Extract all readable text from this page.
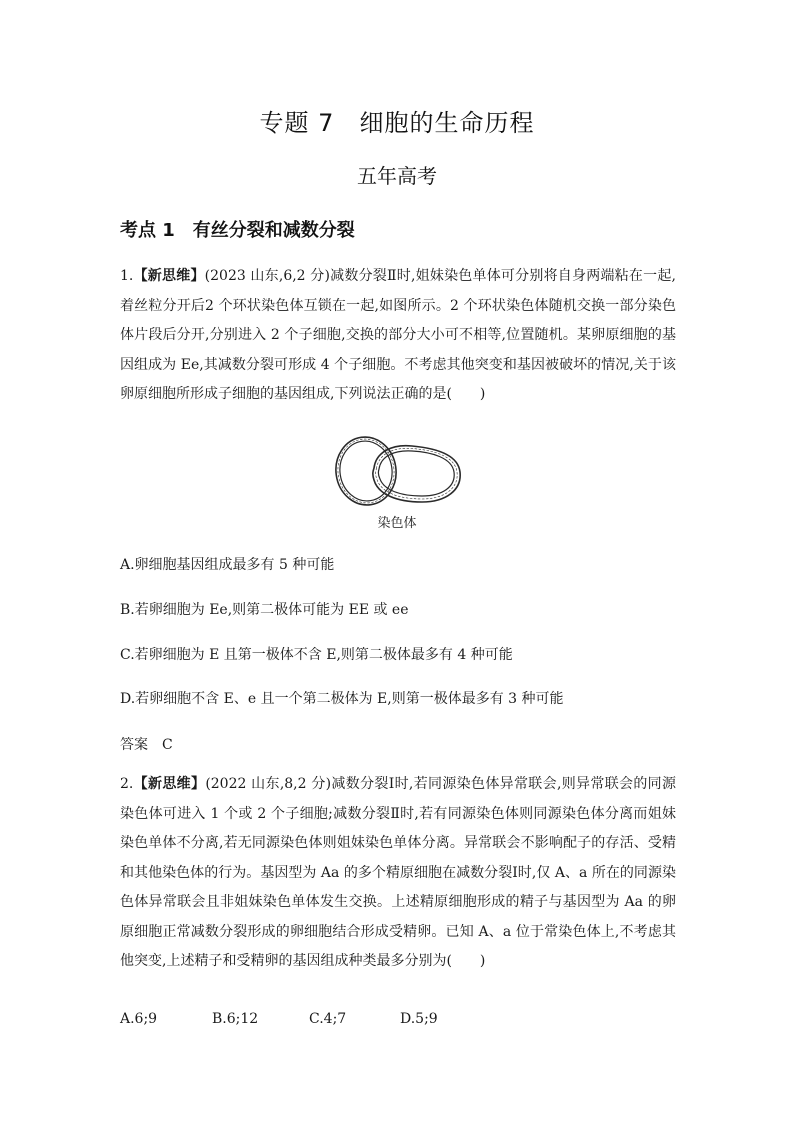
专题 7　细胞的生命历程
五年高考
考点 1　有丝分裂和减数分裂
1.【新思维】(2023 山东,6,2 分)减数分裂Ⅱ时,姐妹染色单体可分别将自身两端粘在一起,着丝粒分开后2 个环状染色体互锁在一起,如图所示。2 个环状染色体随机交换一部分染色体片段后分开,分别进入 2 个子细胞,交换的部分大小可不相等,位置随机。某卵原细胞的基因组成为 Ee,其减数分裂可形成 4 个子细胞。不考虑其他突变和基因被破坏的情况,关于该卵原细胞所形成子细胞的基因组成,下列说法正确的是(　　)
染色体
A.卵细胞基因组成最多有 5 种可能
B.若卵细胞为 Ee,则第二极体可能为 EE 或 ee
C.若卵细胞为 E 且第一极体不含 E,则第二极体最多有 4 种可能
D.若卵细胞不含 E、e 且一个第二极体为 E,则第一极体最多有 3 种可能
答案 C
2.【新思维】(2022 山东,8,2 分)减数分裂Ⅰ时,若同源染色体异常联会,则异常联会的同源染色体可进入 1 个或 2 个子细胞;减数分裂Ⅱ时,若有同源染色体则同源染色体分离而姐妹染色单体不分离,若无同源染色体则姐妹染色单体分离。异常联会不影响配子的存活、受精和其他染色体的行为。基因型为 Aa 的多个精原细胞在减数分裂Ⅰ时,仅 A、a 所在的同源染色体异常联会且非姐妹染色单体发生交换。上述精原细胞形成的精子与基因型为 Aa 的卵原细胞正常减数分裂形成的卵细胞结合形成受精卵。已知 A、a 位于常染色体上,不考虑其他突变,上述精子和受精卵的基因组成种类最多分别为(　　)
A.6;9	B.6;12	C.4;7	D.5;9
